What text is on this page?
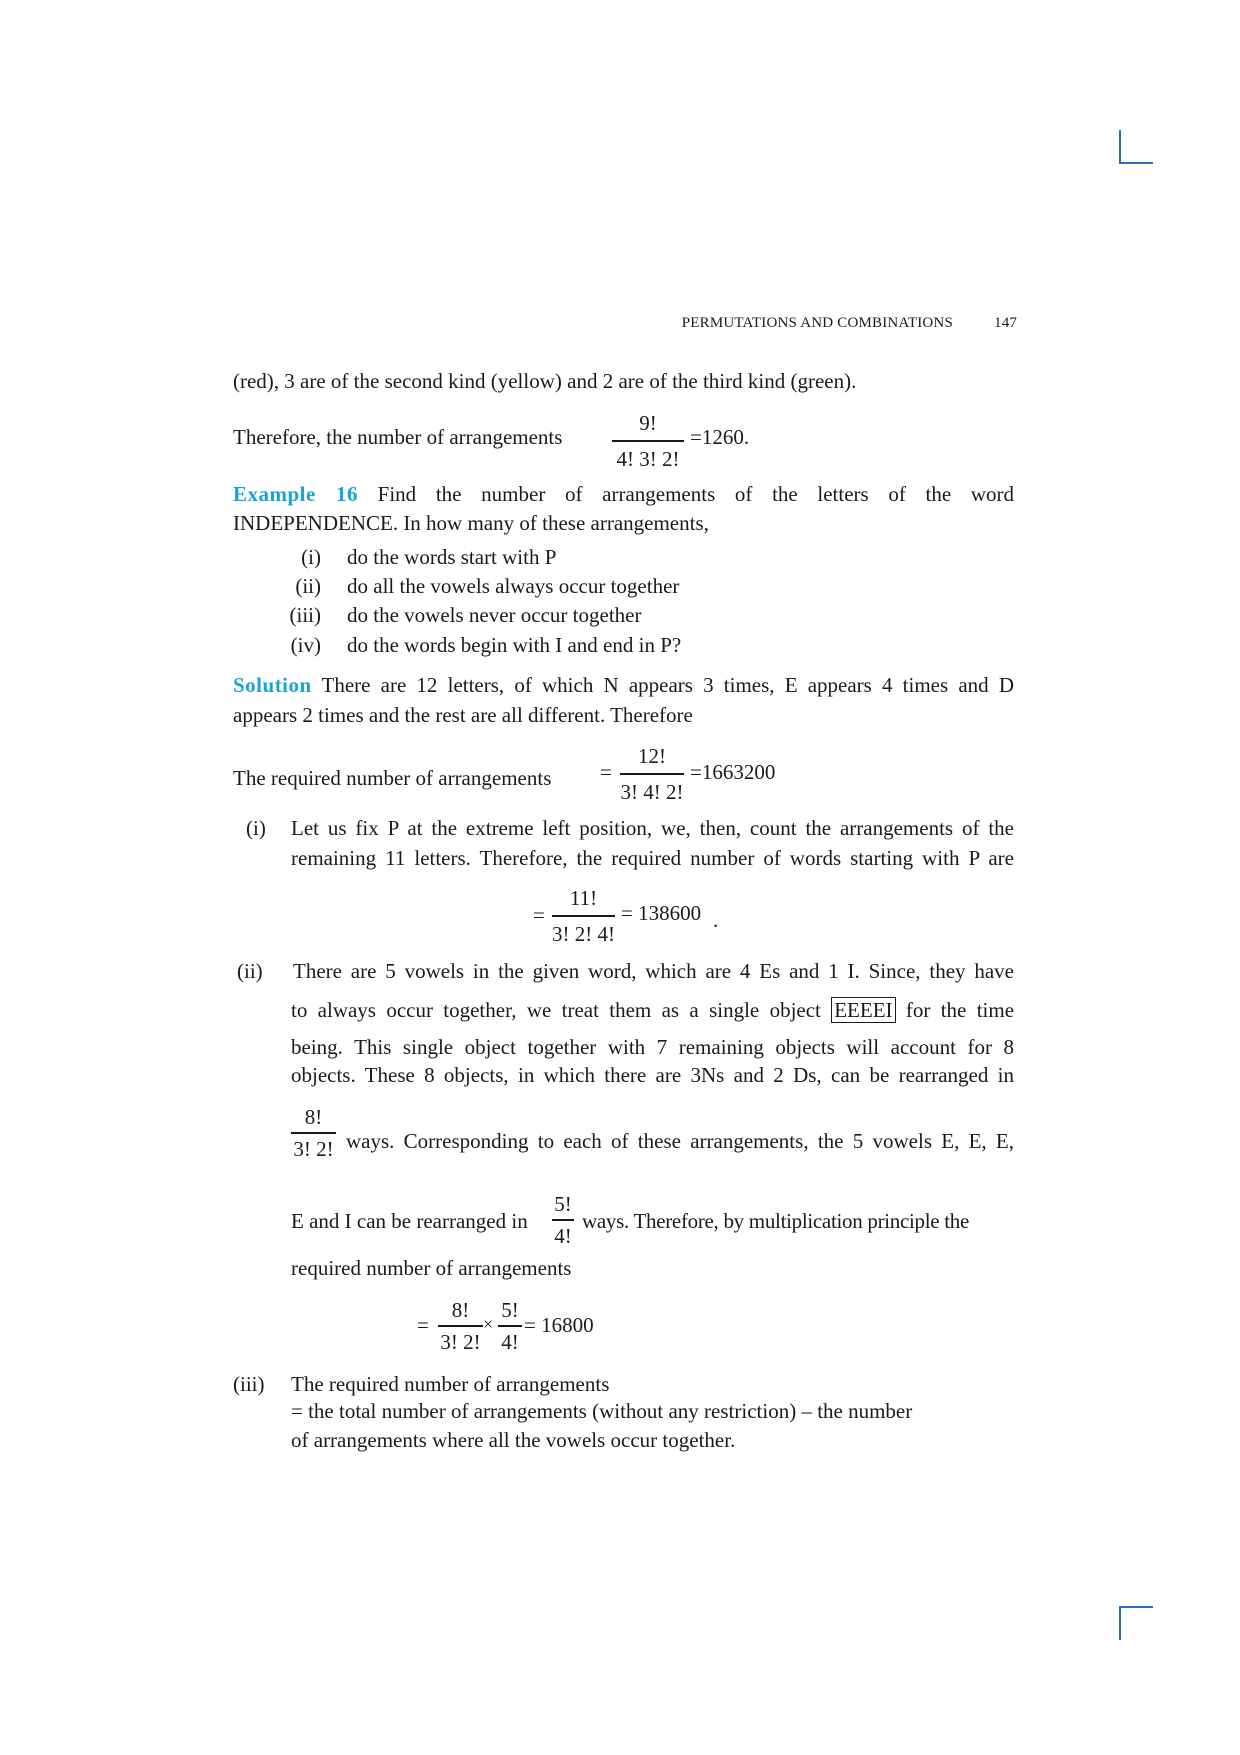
PERMUTATIONS AND COMBINATIONS	147
(red), 3 are of the second kind (yellow) and 2 are of the third kind (green).
Therefore, the number of arrangements
9!
4! 3! 2!
=1260.
Example 16 Find the number of arrangements of the letters of the word
INDEPENDENCE. In how many of these arrangements,
(i) do the words start with P
(ii) do all the vowels always occur together
(iii) do the vowels never occur together
(iv) do the words begin with I and end in P?
Solution There are 12 letters, of which N appears 3 times, E appears 4 times and D
appears 2 times and the rest are all different. Therefore
The required number of arrangements =
12!
3! 4! 2!
=1663200
(i) Let us fix P at the extreme left position, we, then, count the arrangements of the
remaining 11 letters. Therefore, the required number of words starting with P are
=
11!
3! 2! 4!
= 138600 .
(ii) There are 5 vowels in the given word, which are 4 Es and 1 I. Since, they have
to always occur together, we treat them as a single object EEEEI for the time
being. This single object together with 7 remaining objects will account for 8
objects. These 8 objects, in which there are 3Ns and 2 Ds, can be rearranged in
8!
3! 2! ways. Corresponding to each of these arrangements, the 5 vowels E, E, E,
E and I can be rearranged in
5!
4!
ways. Therefore, by multiplication principle the
required number of arrangements
=
8!
3! 2!
×
5!
4!
= 16800
(iii) The required number of arrangements
= the total number of arrangements (without any restriction) – the number
of arrangements where all the vowels occur together.
